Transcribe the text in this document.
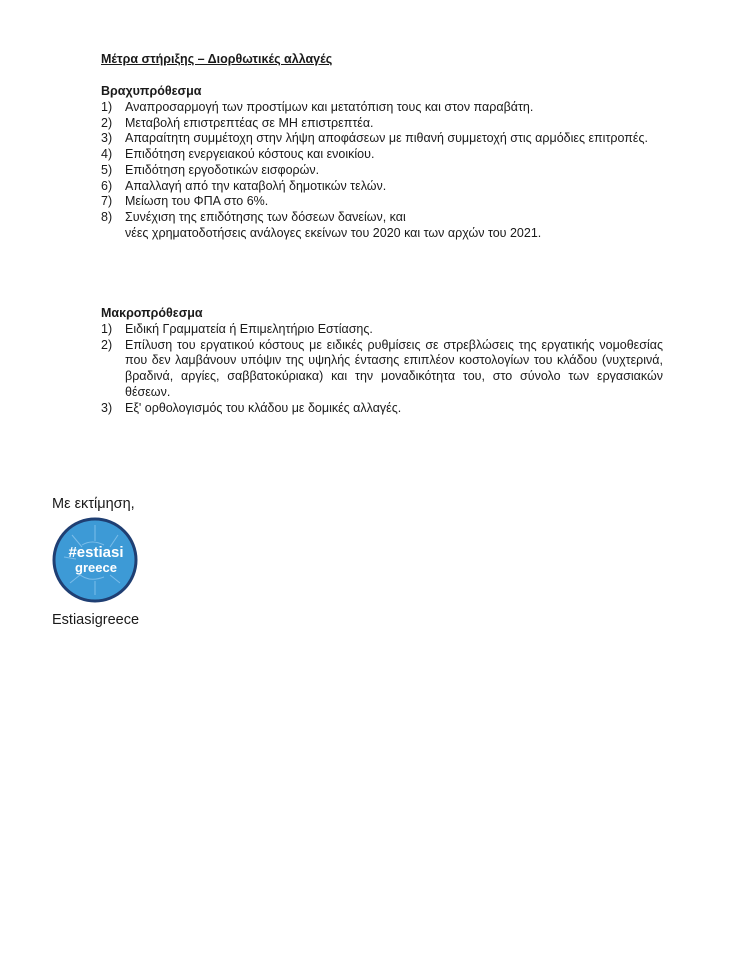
Μέτρα στήριξης – Διορθωτικές αλλαγές
Βραχυπρόθεσμα
1) Αναπροσαρμογή των προστίμων και μετατόπιση τους και στον παραβάτη.
2) Μεταβολή επιστρεπτέας σε ΜΗ επιστρεπτέα.
3) Απαραίτητη συμμέτοχη στην λήψη αποφάσεων με πιθανή συμμετοχή στις αρμόδιες επιτροπές.
4) Επιδότηση ενεργειακού κόστους και ενοικίου.
5) Επιδότηση εργοδοτικών εισφορών.
6) Απαλλαγή από την καταβολή δημοτικών τελών.
7) Μείωση του ΦΠΑ στο 6%.
8) Συνέχιση της επιδότησης των δόσεων δανείων, και
νέες χρηματοδοτήσεις ανάλογες εκείνων του 2020 και των αρχών του 2021.
Μακροπρόθεσμα
1) Ειδική Γραμματεία ή Επιμελητήριο Εστίασης.
2) Επίλυση του εργατικού κόστους με ειδικές ρυθμίσεις σε στρεβλώσεις της εργατικής νομοθεσίας που δεν λαμβάνουν υπόψιν της υψηλής έντασης επιπλέον κοστολογίων του κλάδου (νυχτερινά, βραδινά, αργίες, σαββατοκύριακα) και την μοναδικότητα του, στο σύνολο των εργασιακών θέσεων.
3) Εξ' ορθολογισμός του κλάδου με δομικές αλλαγές.
Με εκτίμηση,
#estiasi
greece
Estiasigreece
